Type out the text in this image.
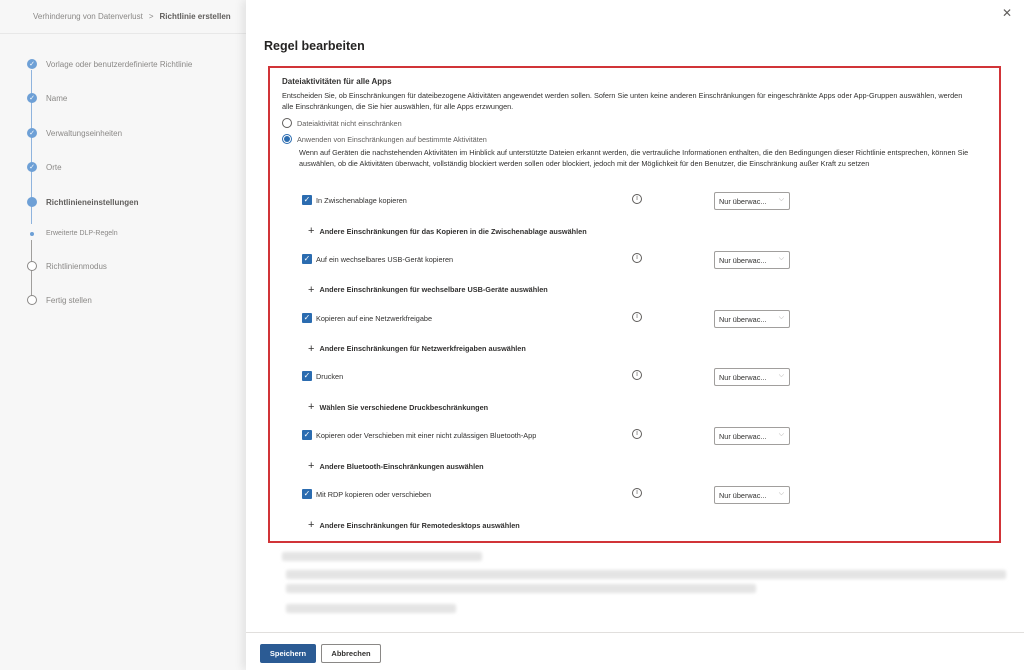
Verhinderung von Datenverlust > Richtlinie erstellen
✓ Vorlage oder benutzerdefinierte Richtlinie
✓ Name
✓ Verwaltungseinheiten
✓ Orte
Richtlinieneinstellungen
Erweiterte DLP-Regeln
Richtlinienmodus
Fertig stellen
✕
Regel bearbeiten
Dateiaktivitäten für alle Apps
Entscheiden Sie, ob Einschränkungen für dateibezogene Aktivitäten angewendet werden sollen. Sofern Sie unten keine anderen Einschränkungen für eingeschränkte Apps oder App-Gruppen auswählen, werden alle Einschränkungen, die Sie hier auswählen, für alle Apps erzwungen.
Dateiaktivität nicht einschränken
Anwenden von Einschränkungen auf bestimmte Aktivitäten
Wenn auf Geräten die nachstehenden Aktivitäten im Hinblick auf unterstützte Dateien erkannt werden, die vertrauliche Informationen enthalten, die den Bedingungen dieser Richtlinie entsprechen, können Sie auswählen, ob die Aktivitäten überwacht, vollständig blockiert werden sollen oder blockiert, jedoch mit der Möglichkeit für den Benutzer, die Einschränkung außer Kraft zu setzen
✓ In Zwischenablage kopieren	i	Nur überwac... ⌵
+ Andere Einschränkungen für das Kopieren in die Zwischenablage auswählen
✓ Auf ein wechselbares USB-Gerät kopieren	i	Nur überwac... ⌵
+ Andere Einschränkungen für wechselbare USB-Geräte auswählen
✓ Kopieren auf eine Netzwerkfreigabe	i	Nur überwac... ⌵
+ Andere Einschränkungen für Netzwerkfreigaben auswählen
✓ Drucken	i	Nur überwac... ⌵
+ Wählen Sie verschiedene Druckbeschränkungen
✓ Kopieren oder Verschieben mit einer nicht zulässigen Bluetooth-App	i	Nur überwac... ⌵
+ Andere Bluetooth-Einschränkungen auswählen
✓ Mit RDP kopieren oder verschieben	i	Nur überwac... ⌵
+ Andere Einschränkungen für Remotedesktops auswählen
Speichern	Abbrechen
